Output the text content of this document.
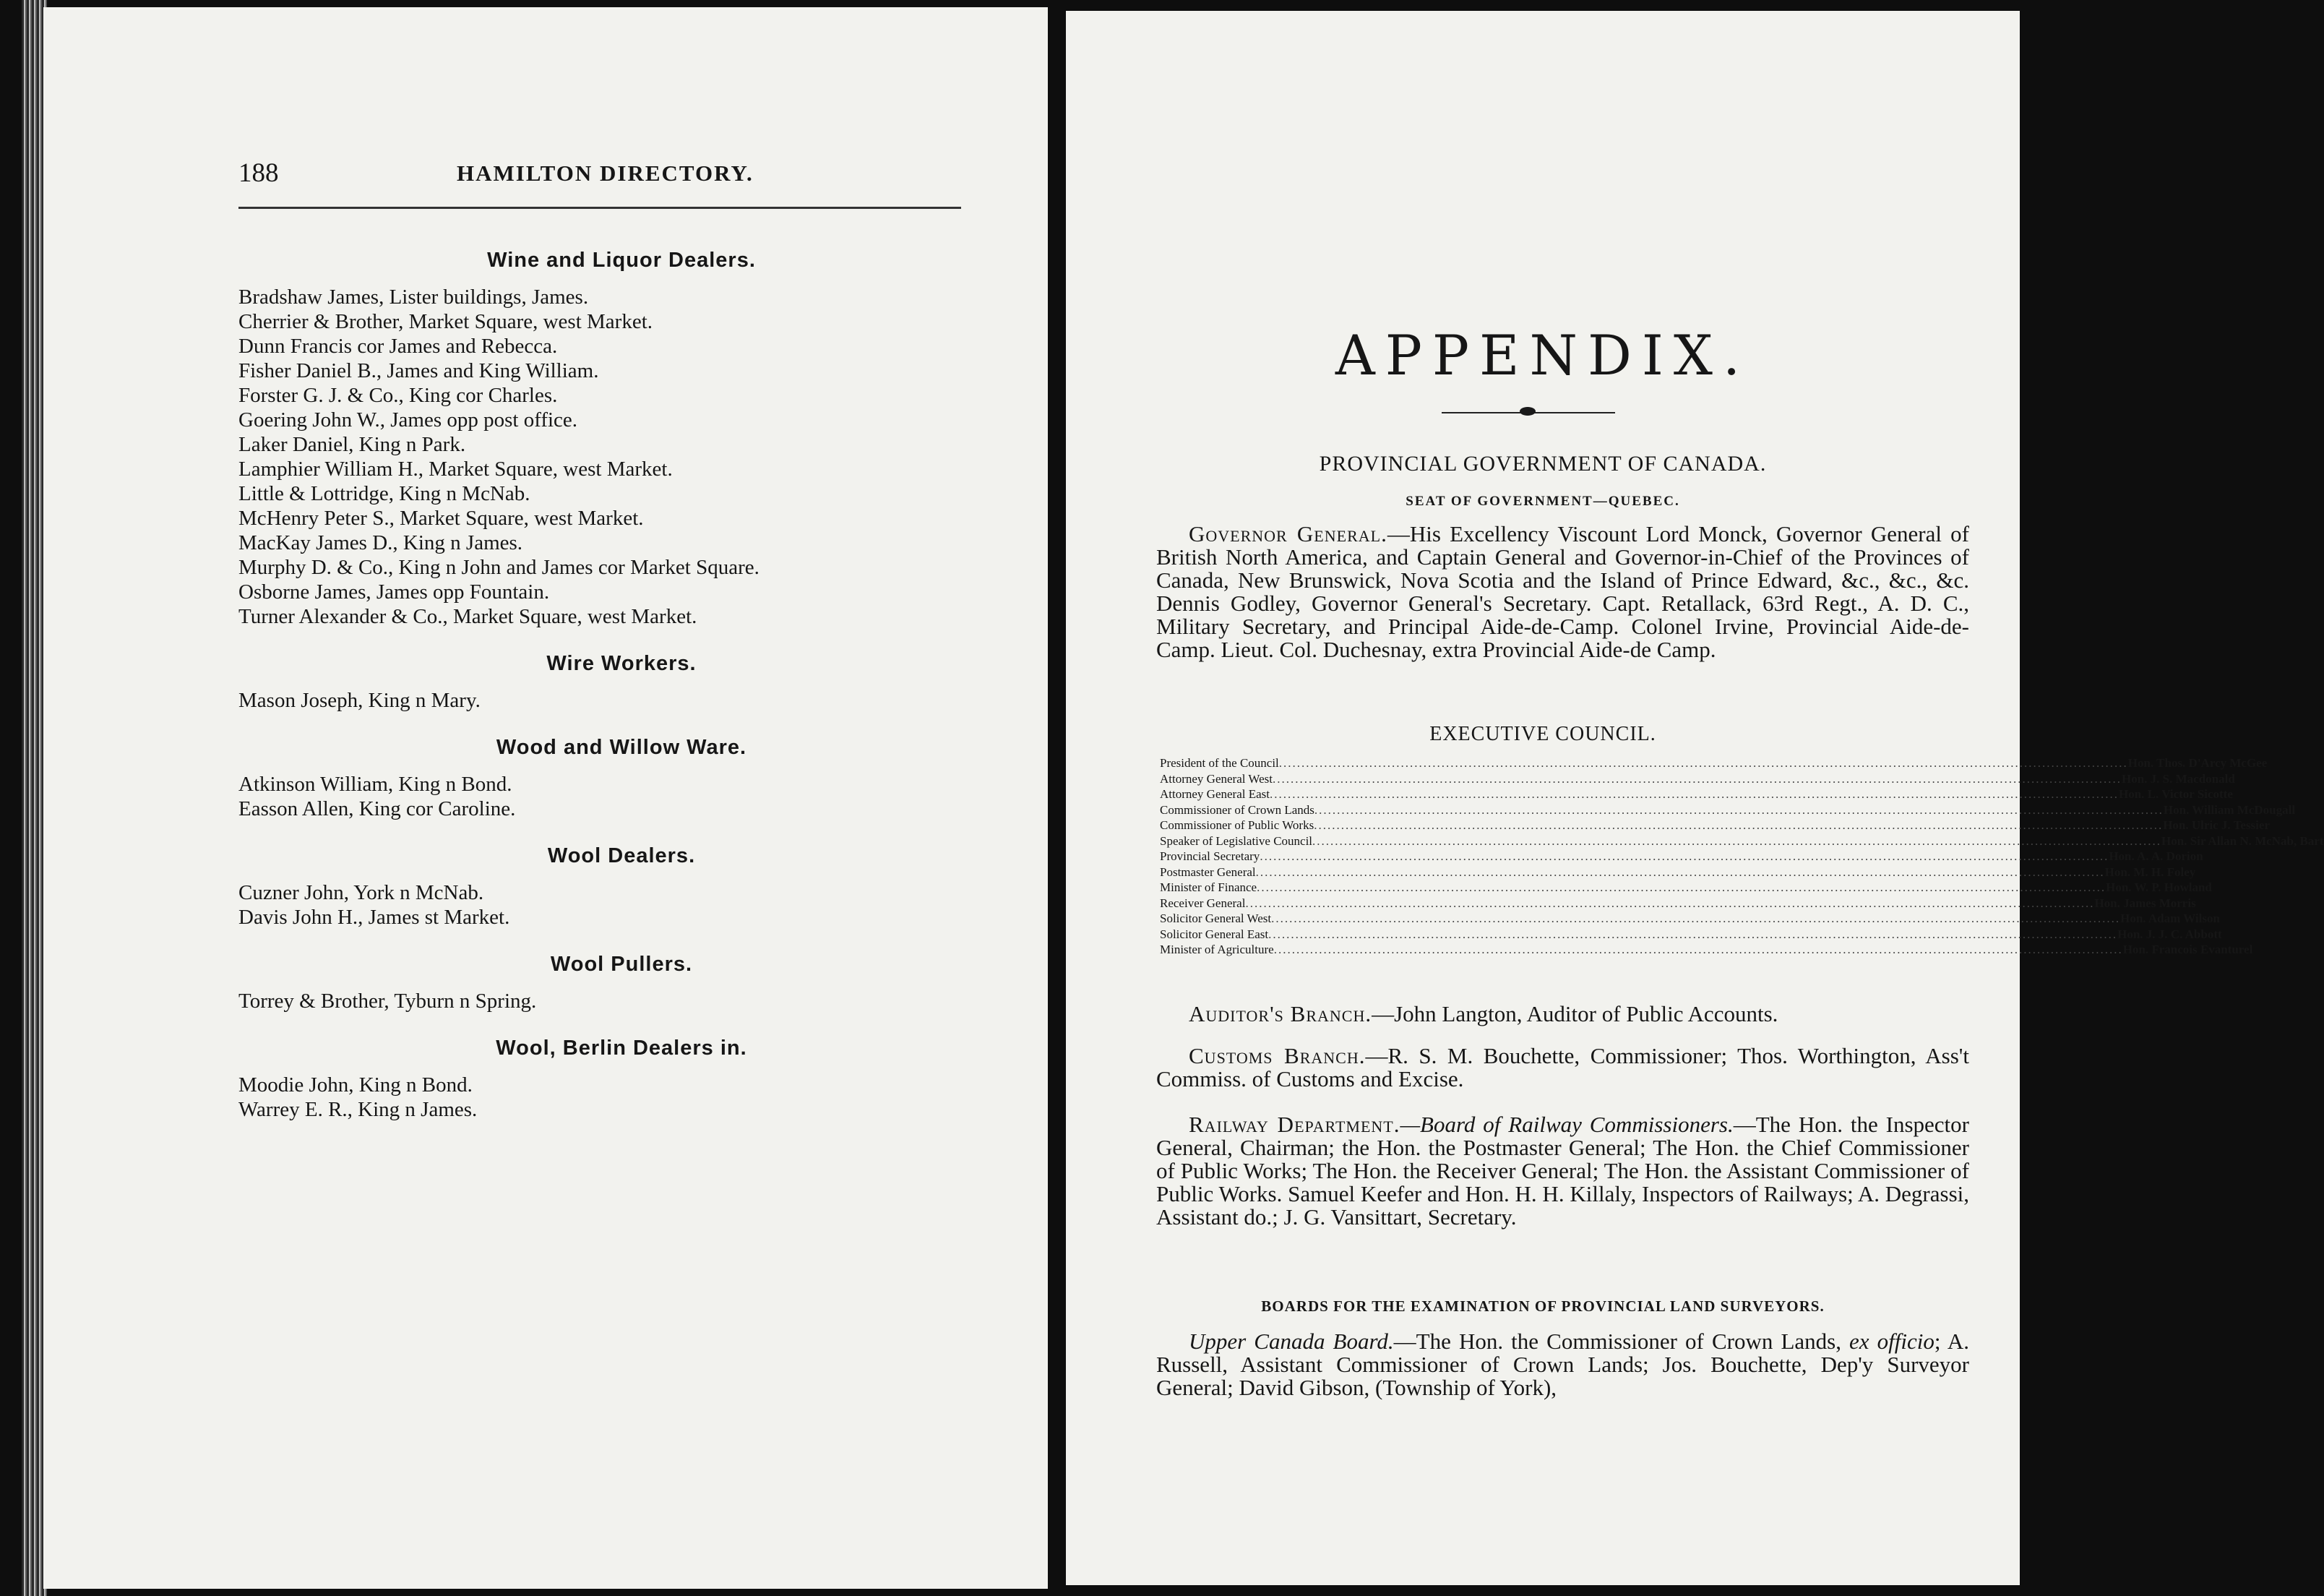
188	HAMILTON DIRECTORY.
Wine and Liquor Dealers.
Bradshaw James, Lister buildings, James.
Cherrier & Brother, Market Square, west Market.
Dunn Francis cor James and Rebecca.
Fisher Daniel B., James and King William.
Forster G. J. & Co., King cor Charles.
Goering John W., James opp post office.
Laker Daniel, King n Park.
Lamphier William H., Market Square, west Market.
Little & Lottridge, King n McNab.
McHenry Peter S., Market Square, west Market.
MacKay James D., King n James.
Murphy D. & Co., King n John and James cor Market Square.
Osborne James, James opp Fountain.
Turner Alexander & Co., Market Square, west Market.
Wire Workers.
Mason Joseph, King n Mary.
Wood and Willow Ware.
Atkinson William, King n Bond.
Easson Allen, King cor Caroline.
Wool Dealers.
Cuzner John, York n McNab.
Davis John H., James st Market.
Wool Pullers.
Torrey & Brother, Tyburn n Spring.
Wool, Berlin Dealers in.
Moodie John, King n Bond.
Warrey E. R., King n James.
APPENDIX.
PROVINCIAL GOVERNMENT OF CANADA.
SEAT OF GOVERNMENT—QUEBEC.

Governor General.—His Excellency Viscount Lord Monck, Governor General of British North America, and Captain General and Governor-in-Chief of the Provinces of Canada, New Brunswick, Nova Scotia and the Island of Prince Edward, &c., &c., &c. Dennis Godley, Governor General's Secretary. Capt. Retallack, 63rd Regt., A. D. C., Military Secretary, and Principal Aide-de-Camp. Colonel Irvine, Provincial Aide-de-Camp. Lieut. Col. Duchesnay, extra Provincial Aide-de Camp.

EXECUTIVE COUNCIL.
President of the Council ............................................................................................................................................................................................ Hon. Thos. D'Arcy McGee
Attorney General West ............................................................................................................................................................................................ Hon. J. S. Macdonald
Attorney General East ............................................................................................................................................................................................ Hon. L. Victor Sicotte
Commissioner of Crown Lands ............................................................................................................................................................................................ Hon. William McDougall
Commissioner of Public Works ............................................................................................................................................................................................ Hon. Ulric J. Tessier
Speaker of Legislative Council ............................................................................................................................................................................................ Hon. Sir Allan N. McNab, Bart
Provincial Secretary ............................................................................................................................................................................................ Hon. A. A. Dorion
Postmaster General ............................................................................................................................................................................................ Hon. M. H. Foley
Minister of Finance ............................................................................................................................................................................................ Hon. W. P. Howland
Receiver General ............................................................................................................................................................................................ Hon. James Morris
Solicitor General West ............................................................................................................................................................................................ Hon. Adam Wilson
Solicitor General East ............................................................................................................................................................................................ Hon. J. J. C. Abbott
Minister of Agriculture ............................................................................................................................................................................................ Hon. Francois Evanturel

Auditor's Branch.—John Langton, Auditor of Public Accounts.

Customs Branch.—R. S. M. Bouchette, Commissioner; Thos. Worthington, Ass't Commiss. of Customs and Excise.

Railway Department.—Board of Railway Commissioners.—The Hon. the Inspector General, Chairman; the Hon. the Postmaster General; The Hon. the Chief Commissioner of Public Works; The Hon. the Receiver General; The Hon. the Assistant Commissioner of Public Works. Samuel Keefer and Hon. H. H. Killaly, Inspectors of Railways; A. Degrassi, Assistant do.; J. G. Vansittart, Secretary.

BOARDS FOR THE EXAMINATION OF PROVINCIAL LAND SURVEYORS.

Upper Canada Board.—The Hon. the Commissioner of Crown Lands, ex officio; A. Russell, Assistant Commissioner of Crown Lands; Jos. Bouchette, Dep'y Surveyor General; David Gibson, (Township of York),
